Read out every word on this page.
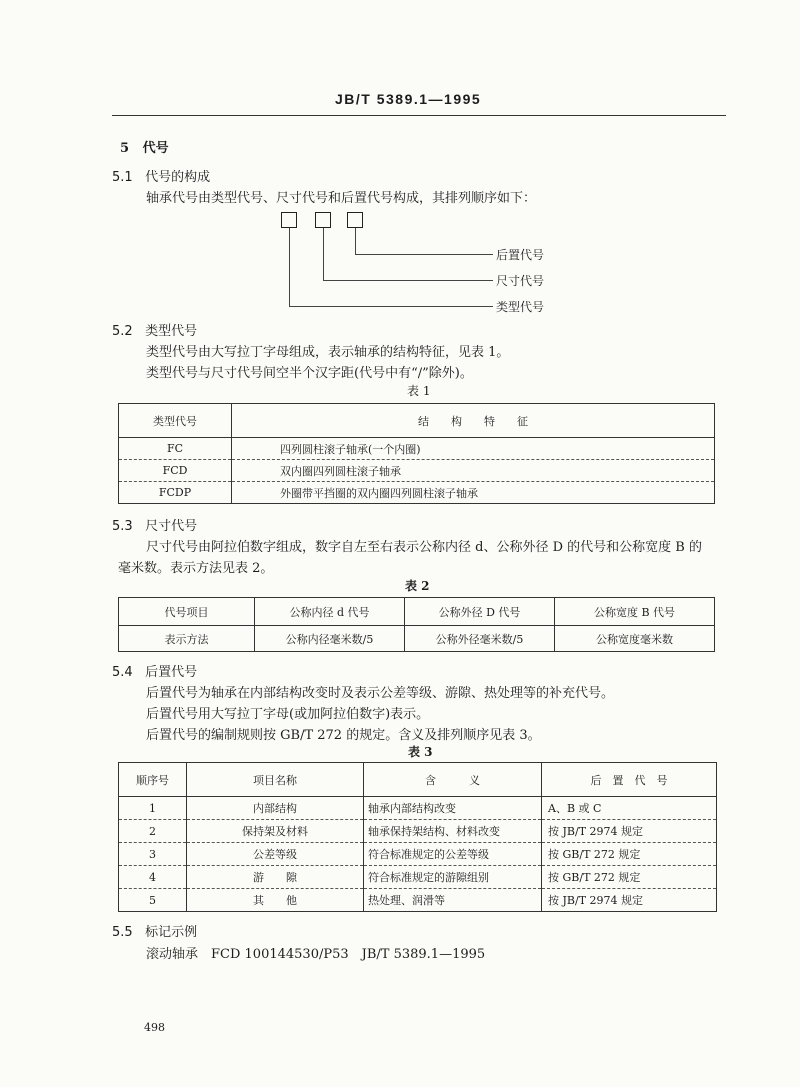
JB/T 5389.1—1995
5 代号
5.1 代号的构成
轴承代号由类型代号、尺寸代号和后置代号构成，其排列顺序如下：
后置代号
尺寸代号
类型代号
5.2 类型代号
类型代号由大写拉丁字母组成，表示轴承的结构特征，见表 1。
类型代号与尺寸代号间空半个汉字距(代号中有“/”除外)。
表 1
类型代号	结　　构　　特　　征
FC	四列圆柱滚子轴承(一个内圈)
FCD	双内圈四列圆柱滚子轴承
FCDP	外圈带平挡圈的双内圈四列圆柱滚子轴承
5.3 尺寸代号
尺寸代号由阿拉伯数字组成，数字自左至右表示公称内径 d、公称外径 D 的代号和公称宽度 B 的
毫米数。表示方法见表 2。
表 2
代号项目	公称内径 d 代号	公称外径 D 代号	公称宽度 B 代号
表示方法	公称内径毫米数/5	公称外径毫米数/5	公称宽度毫米数
5.4 后置代号
后置代号为轴承在内部结构改变时及表示公差等级、游隙、热处理等的补充代号。
后置代号用大写拉丁字母(或加阿拉伯数字)表示。
后置代号的编制规则按 GB/T 272 的规定。含义及排列顺序见表 3。
表 3
顺序号	项目名称	含　　　义	后　置　代　号
1	内部结构	轴承内部结构改变	A、B 或 C
2	保持架及材料	轴承保持架结构、材料改变	按 JB/T 2974 规定
3	公差等级	符合标准规定的公差等级	按 GB/T 272 规定
4	游　　隙	符合标准规定的游隙组别	按 GB/T 272 规定
5	其　　他	热处理、润滑等	按 JB/T 2974 规定
5.5 标记示例
滚动轴承　FCD 100144530/P53　JB/T 5389.1—1995
498
